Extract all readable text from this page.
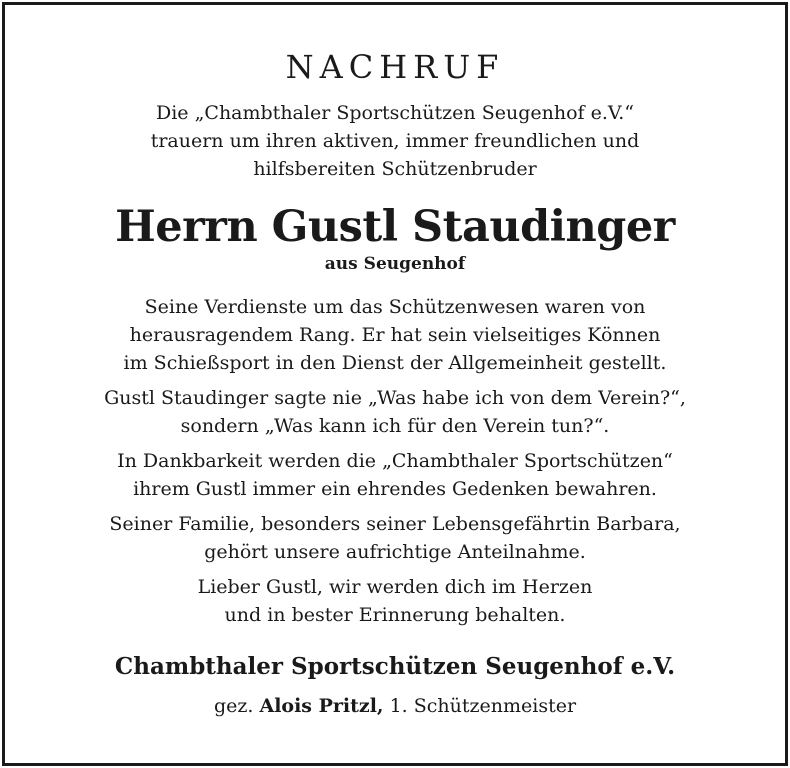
NACHRUF
Die „Chambthaler Sportschützen Seugenhof e.V.“
trauern um ihren aktiven, immer freundlichen und
hilfsbereiten Schützenbruder
Herrn Gustl Staudinger
aus Seugenhof
Seine Verdienste um das Schützenwesen waren von
herausragendem Rang. Er hat sein vielseitiges Können
im Schießsport in den Dienst der Allgemeinheit gestellt.
Gustl Staudinger sagte nie „Was habe ich von dem Verein?“,
sondern „Was kann ich für den Verein tun?“.
In Dankbarkeit werden die „Chambthaler Sportschützen“
ihrem Gustl immer ein ehrendes Gedenken bewahren.
Seiner Familie, besonders seiner Lebensgefährtin Barbara,
gehört unsere aufrichtige Anteilnahme.
Lieber Gustl, wir werden dich im Herzen
und in bester Erinnerung behalten.
Chambthaler Sportschützen Seugenhof e.V.
gez. Alois Pritzl, 1. Schützenmeister
